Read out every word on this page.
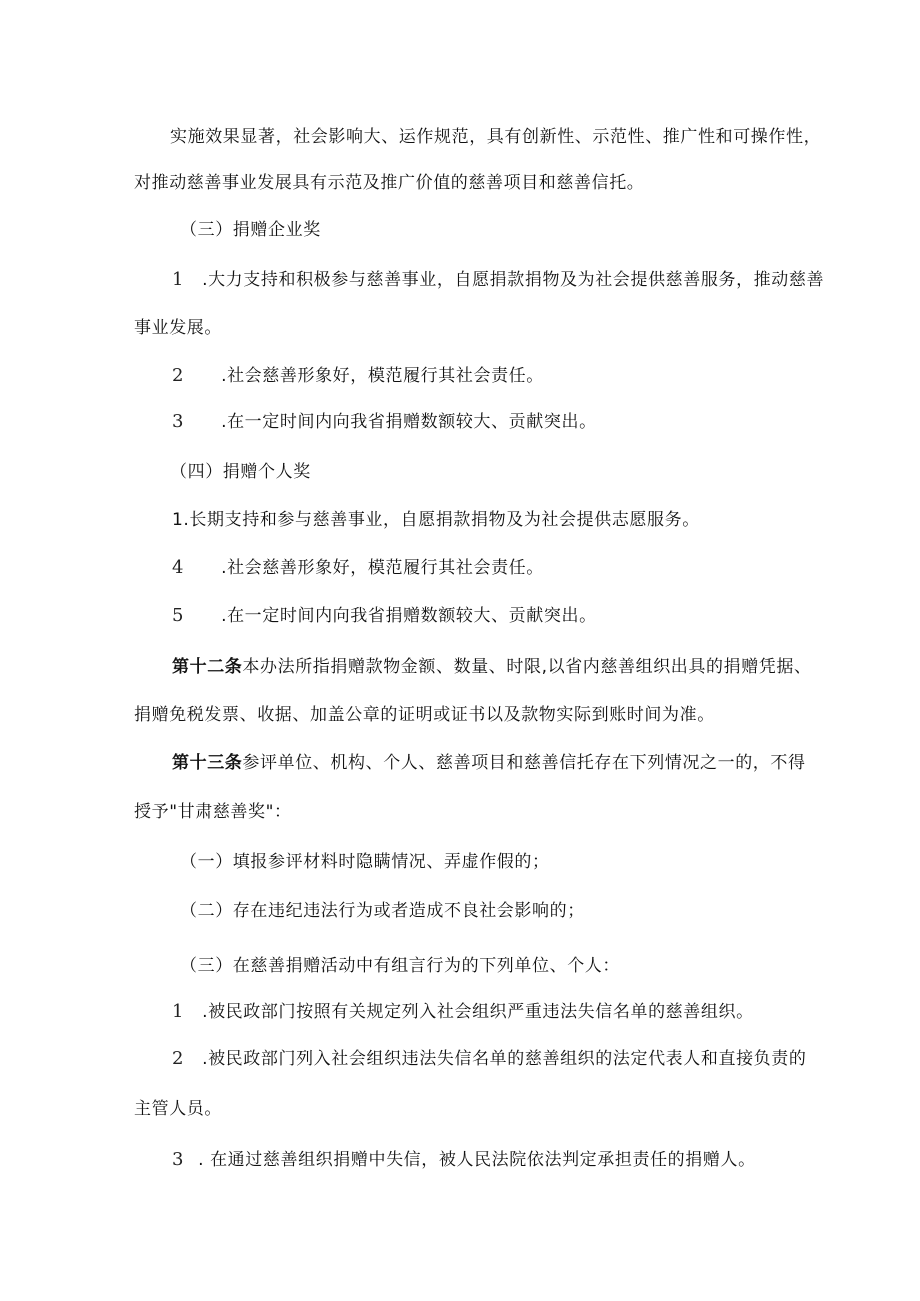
实施效果显著，社会影响大、运作规范，具有创新性、示范性、推广性和可操作性，
对推动慈善事业发展具有示范及推广价值的慈善项目和慈善信托。
（三）捐赠企业奖
1 .大力支持和积极参与慈善事业，自愿捐款捐物及为社会提供慈善服务，推动慈善
事业发展。
2 .社会慈善形象好，模范履行其社会责任。
3 .在一定时间内向我省捐赠数额较大、贡献突出。
（四）捐赠个人奖
1.长期支持和参与慈善事业，自愿捐款捐物及为社会提供志愿服务。
4 .社会慈善形象好，模范履行其社会责任。
5 .在一定时间内向我省捐赠数额较大、贡献突出。
第十二条本办法所指捐赠款物金额、数量、时限,以省内慈善组织出具的捐赠凭据、
捐赠免税发票、收据、加盖公章的证明或证书以及款物实际到账时间为准。
第十三条参评单位、机构、个人、慈善项目和慈善信托存在下列情况之一的，不得
授予"甘肃慈善奖"：
（一）填报参评材料时隐瞒情况、弄虚作假的；
（二）存在违纪违法行为或者造成不良社会影响的；
（三）在慈善捐赠活动中有组言行为的下列单位、个人：
1 .被民政部门按照有关规定列入社会组织严重违法失信名单的慈善组织。
2 .被民政部门列入社会组织违法失信名单的慈善组织的法定代表人和直接负责的
主管人员。
3 . 在通过慈善组织捐赠中失信，被人民法院依法判定承担责任的捐赠人。
